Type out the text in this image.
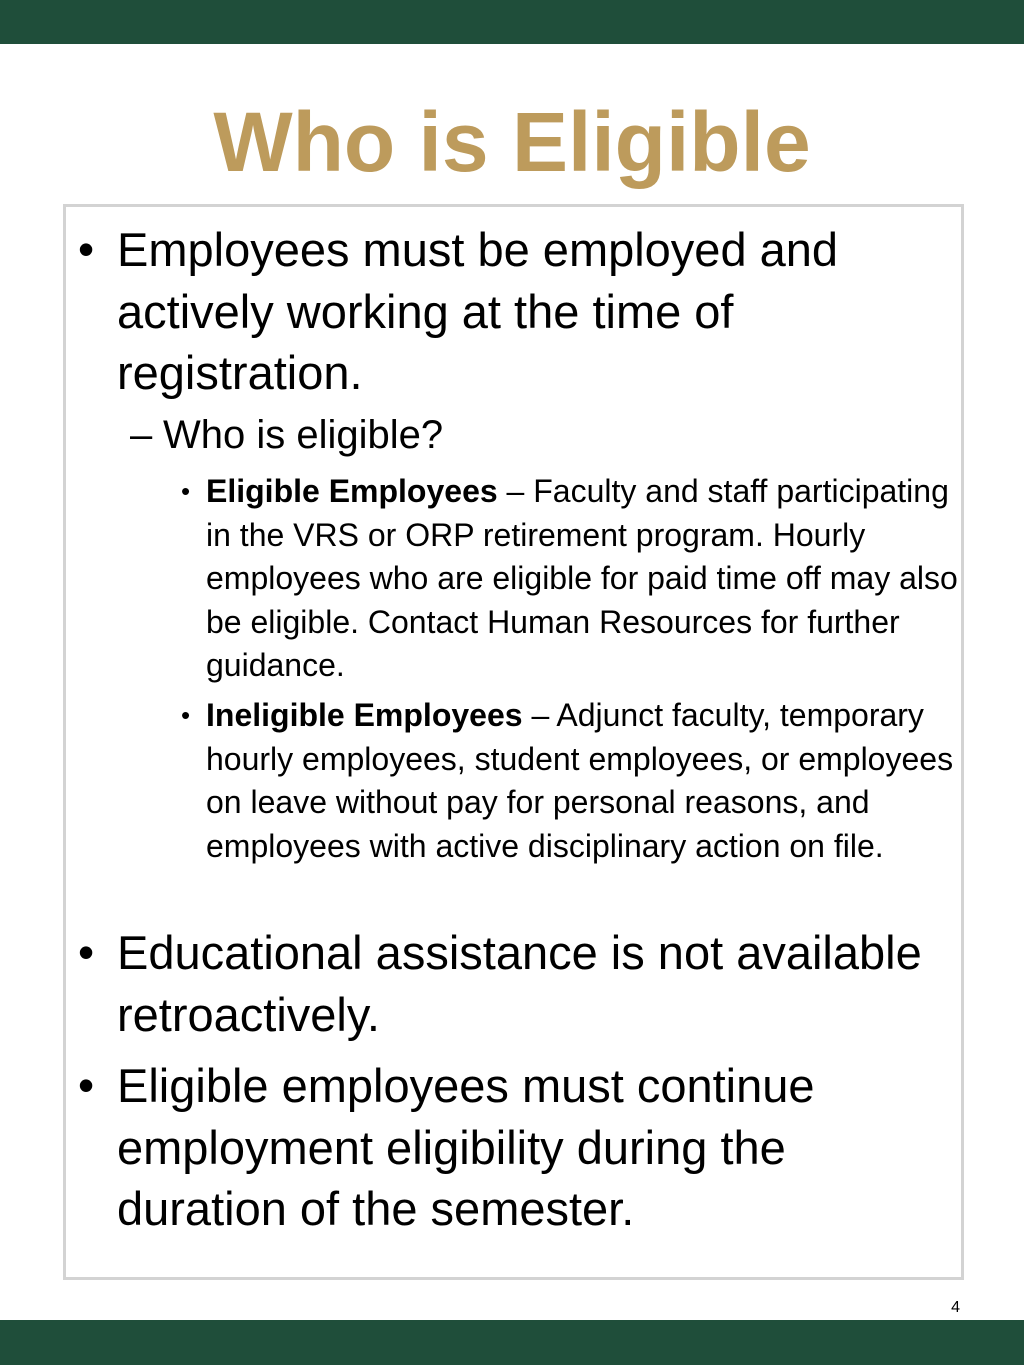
Who is Eligible
• Employees must be employed and actively working at the time of registration.
– Who is eligible?
• Eligible Employees – Faculty and staff participating in the VRS or ORP retirement program. Hourly employees who are eligible for paid time off may also be eligible. Contact Human Resources for further guidance.
• Ineligible Employees – Adjunct faculty, temporary hourly employees, student employees, or employees on leave without pay for personal reasons, and employees with active disciplinary action on file.
• Educational assistance is not available retroactively.
• Eligible employees must continue employment eligibility during the duration of the semester.
4
